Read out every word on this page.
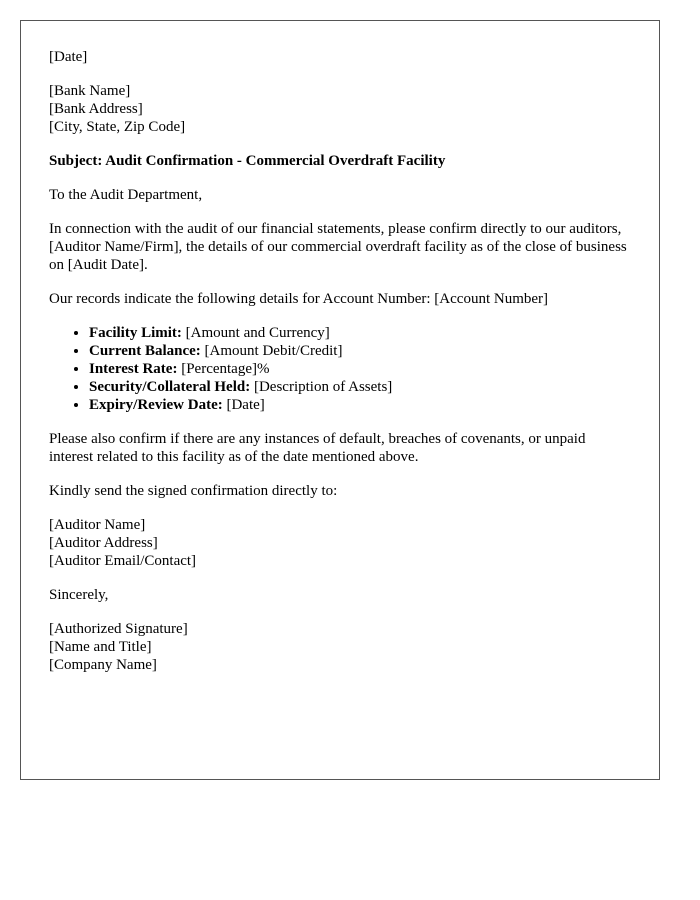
[Date]

[Bank Name]
[Bank Address]
[City, State, Zip Code]

Subject: Audit Confirmation - Commercial Overdraft Facility

To the Audit Department,

In connection with the audit of our financial statements, please confirm directly to our auditors, [Auditor Name/Firm], the details of our commercial overdraft facility as of the close of business on [Audit Date].

Our records indicate the following details for Account Number: [Account Number]

• Facility Limit: [Amount and Currency]
• Current Balance: [Amount Debit/Credit]
• Interest Rate: [Percentage]%
• Security/Collateral Held: [Description of Assets]
• Expiry/Review Date: [Date]

Please also confirm if there are any instances of default, breaches of covenants, or unpaid interest related to this facility as of the date mentioned above.

Kindly send the signed confirmation directly to:

[Auditor Name]
[Auditor Address]
[Auditor Email/Contact]

Sincerely,

[Authorized Signature]
[Name and Title]
[Company Name]
